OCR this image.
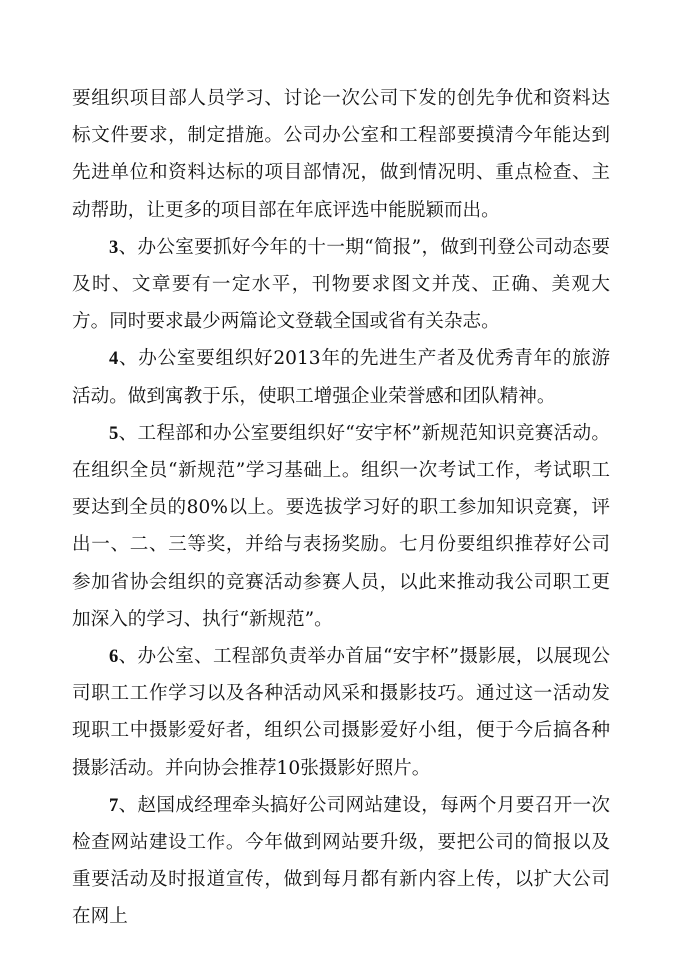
要组织项目部人员学习、讨论一次公司下发的创先争优和资料达标文件要求，制定措施。公司办公室和工程部要摸清今年能达到先进单位和资料达标的项目部情况，做到情况明、重点检查、主动帮助，让更多的项目部在年底评选中能脱颖而出。

3、办公室要抓好今年的十一期“简报”，做到刊登公司动态要及时、文章要有一定水平，刊物要求图文并茂、正确、美观大方。同时要求最少两篇论文登载全国或省有关杂志。

4、办公室要组织好2013年的先进生产者及优秀青年的旅游活动。做到寓教于乐，使职工增强企业荣誉感和团队精神。

5、工程部和办公室要组织好“安宇杯”新规范知识竞赛活动。在组织全员“新规范”学习基础上。组织一次考试工作，考试职工要达到全员的80%以上。要选拔学习好的职工参加知识竞赛，评出一、二、三等奖，并给与表扬奖励。七月份要组织推荐好公司参加省协会组织的竞赛活动参赛人员，以此来推动我公司职工更加深入的学习、执行“新规范”。

6、办公室、工程部负责举办首届“安宇杯”摄影展，以展现公司职工工作学习以及各种活动风采和摄影技巧。通过这一活动发现职工中摄影爱好者，组织公司摄影爱好小组，便于今后搞各种摄影活动。并向协会推荐10张摄影好照片。

7、赵国成经理牵头搞好公司网站建设，每两个月要召开一次检查网站建设工作。今年做到网站要升级，要把公司的简报以及重要活动及时报道宣传，做到每月都有新内容上传，以扩大公司在网上
